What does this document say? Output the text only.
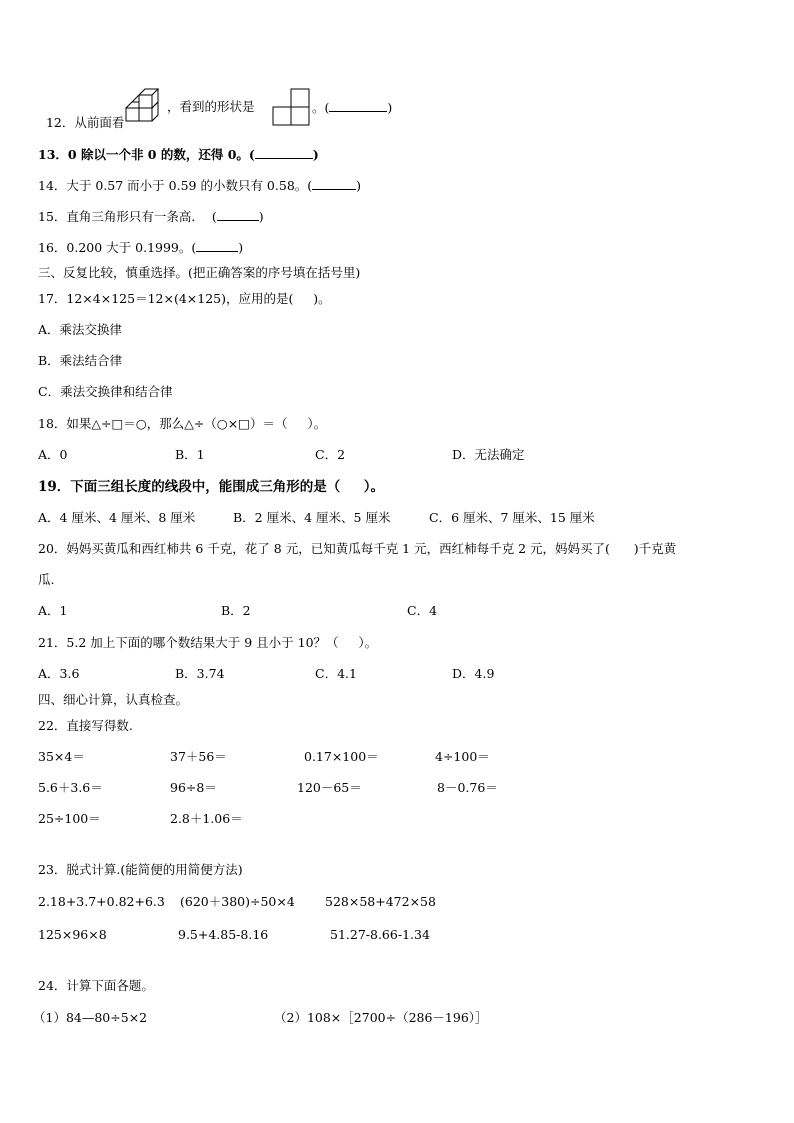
12．从前面看

，看到的形状是	。(	)
13．0 除以一个非 0 的数，还得 0。(	)
14．大于 0.57 而小于 0.59 的小数只有 0.58。(	)
15．直角三角形只有一条高．  (	)
16．0.200 大于 0.1999。(	)
三、反复比较，慎重选择。(把正确答案的序号填在括号里)
17．12×4×125＝12×(4×125)，应用的是(     )。
A．乘法交换律
B．乘法结合律
C．乘法交换律和结合律
18．如果△÷□＝○，那么△÷（○×□）＝（     ）。
A．0	B．1	C．2	D．无法确定
19．下面三组长度的线段中，能围成三角形的是（     ）。
A．4 厘米、4 厘米、8 厘米	B．2 厘米、4 厘米、5 厘米	C．6 厘米、7 厘米、15 厘米
20．妈妈买黄瓜和西红柿共 6 千克，花了 8 元，已知黄瓜每千克 1 元，西红柿每千克 2 元，妈妈买了(      )千克黄
瓜.
A．1	B．2	C．4
21．5.2 加上下面的哪个数结果大于 9 且小于 10？（     ）。
A．3.6	B．3.74	C．4.1	D．4.9
四、细心计算，认真检查。
22．直接写得数.
35×4＝	37＋56＝	0.17×100＝	4÷100＝
5.6＋3.6＝	96÷8＝	120－65＝	8－0.76＝
25÷100＝	2.8＋1.06＝
23．脱式计算.(能简便的用简便方法)
2.18+3.7+0.82+6.3 (620＋380)÷50×4 528×58+472×58
125×96×8	9.5+4.85-8.16	51.27-8.66-1.34
24．计算下面各题。
（1）84—80÷5×2	（2）108×［2700÷（286－196）］
